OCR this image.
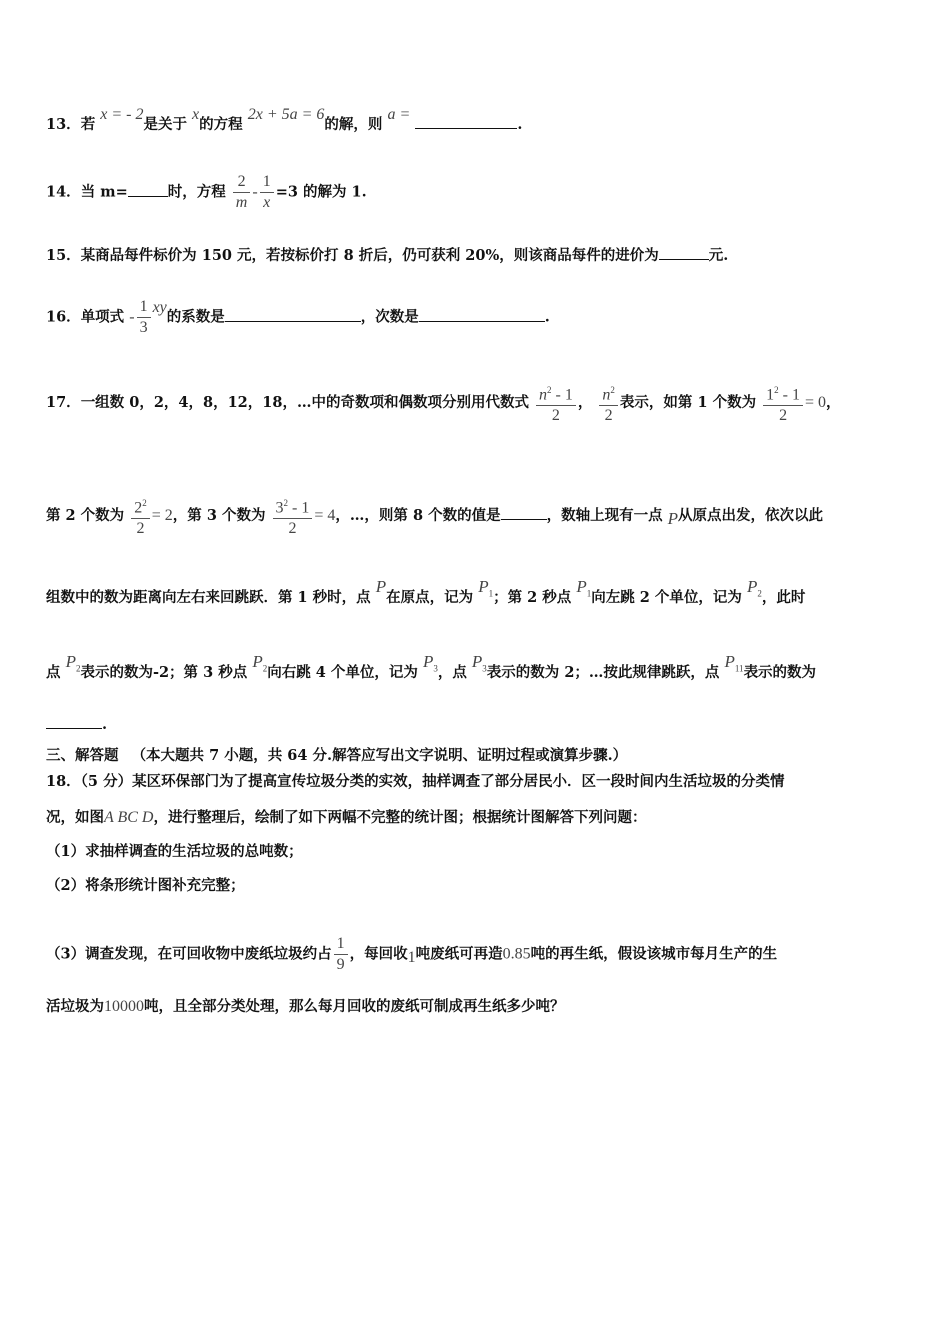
13．若 x = - 2是关于 x的方程 2x + 5a = 6的解，则 a = .
14．当 m=	时，方程 $\frac{2}{m} - \frac{1}{x} =3$ 的解为 1.
15．某商品每件标价为 150 元，若按标价打 8 折后，仍可获利 20%，则该商品每件的进价为	元.
16．单项式 - $\frac{1}{3}$ xy的系数是	，次数是	.
17．一组数 0，2，4，8，12，18，…中的奇数项和偶数项分别用代数式 $\frac{n^2 - 1}{2}$ ， $\frac{n^2}{2}$ 表示，如第 1 个数为 $\frac{1^2 - 1}{2} = 0$，
第 2 个数为 $\frac{2^2}{2} = 2$，第 3 个数为 $\frac{3^2 - 1}{2} = 4$，…，则第 8 个数的值是	，数轴上现有一点 P从原点出发，依次以此
组数中的数为距离向左右来回跳跃．第 1 秒时，点 P在原点，记为 $P_1$；第 2 秒点 $P_1$向左跳 2 个单位，记为 $P_2$，此时
点 $P_2$表示的数为-2；第 3 秒点 $P_2$向右跳 4 个单位，记为 $P_3$，点 $P_3$表示的数为 2；…按此规律跳跃，点 $P_{11}$表示的数为
.
三、解答题 （本大题共 7 小题，共 64 分.解答应写出文字说明、证明过程或演算步骤.）
18．（5 分）某区环保部门为了提高宣传垃圾分类的实效，抽样调查了部分居民小．区一段时间内生活垃圾的分类情
况，如图A BC D，进行整理后，绘制了如下两幅不完整的统计图；根据统计图解答下列问题：
（1）求抽样调查的生活垃圾的总吨数；
（2）将条形统计图补充完整；
（3）调查发现，在可回收物中废纸垃圾约占 $\frac{1}{9}$ ，每回收1吨废纸可再造0.85吨的再生纸，假设该城市每月生产的生
活垃圾为10000吨，且全部分类处理，那么每月回收的废纸可制成再生纸多少吨？
